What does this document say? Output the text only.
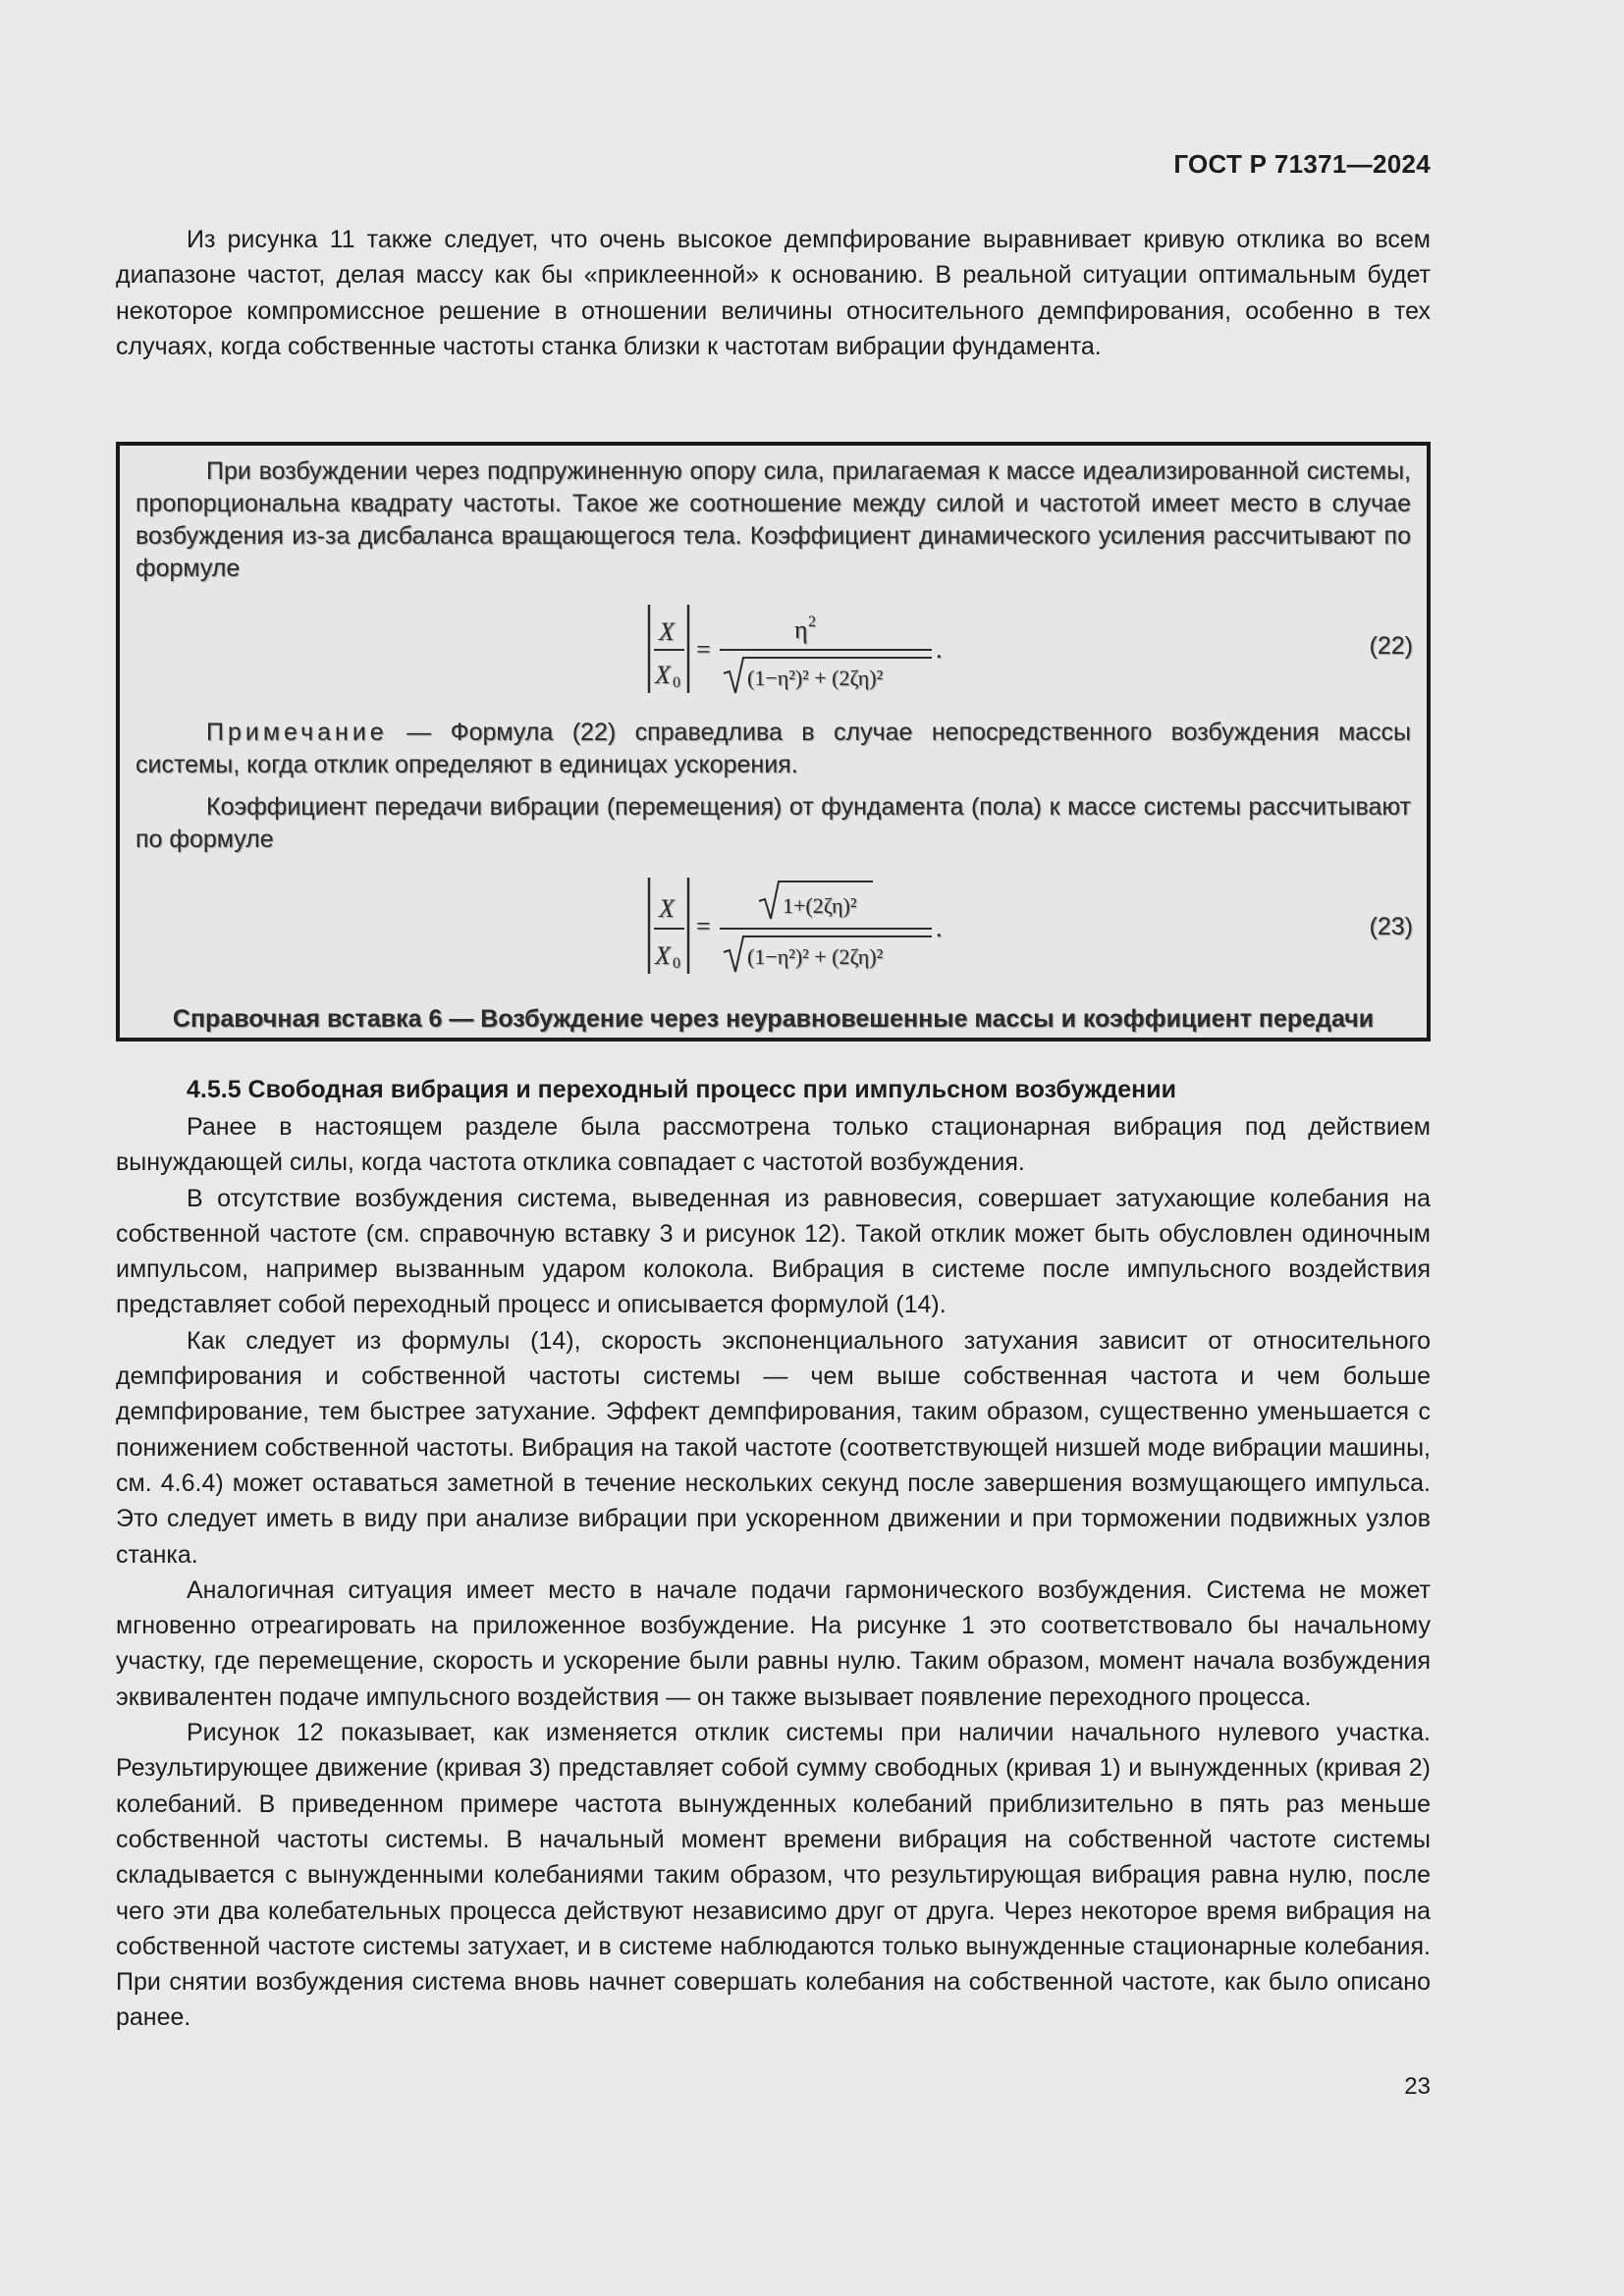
ГОСТ Р 71371—2024

Из рисунка 11 также следует, что очень высокое демпфирование выравнивает кривую отклика во всем диапазоне частот, делая массу как бы «приклеенной» к основанию. В реальной ситуации оптимальным будет некоторое компромиссное решение в отношении величины относительного демпфирования, особенно в тех случаях, когда собственные частоты станка близки к частотам вибрации фундамента.

При возбуждении через подпружиненную опору сила, прилагаемая к массе идеализированной системы, пропорциональна квадрату частоты. Такое же соотношение между силой и частотой имеет место в случае возбуждения из-за дисбаланса вращающегося тела. Коэффициент динамического усиления рассчитывают по формуле

X
X 0
=
η 2
(1−η²)² + (2ζη)²
.	(22)

Примечание — Формула (22) справедлива в случае непосредственного возбуждения массы системы, когда отклик определяют в единицах ускорения.

Коэффициент передачи вибрации (перемещения) от фундамента (пола) к массе системы рассчитывают по формуле

X
X 0
=
1+(2ζη)²
(1−η²)² + (2ζη)²
.	(23)
Справочная вставка 6 — Возбуждение через неуравновешенные массы и коэффициент передачи
4.5.5 Свободная вибрация и переходный процесс при импульсном возбуждении

Ранее в настоящем разделе была рассмотрена только стационарная вибрация под действием вынуждающей силы, когда частота отклика совпадает с частотой возбуждения.

В отсутствие возбуждения система, выведенная из равновесия, совершает затухающие колебания на собственной частоте (см. справочную вставку 3 и рисунок 12). Такой отклик может быть обусловлен одиночным импульсом, например вызванным ударом колокола. Вибрация в системе после импульсного воздействия представляет собой переходный процесс и описывается формулой (14).

Как следует из формулы (14), скорость экспоненциального затухания зависит от относительного демпфирования и собственной частоты системы — чем выше собственная частота и чем больше демпфирование, тем быстрее затухание. Эффект демпфирования, таким образом, существенно уменьшается с понижением собственной частоты. Вибрация на такой частоте (соответствующей низшей моде вибрации машины, см. 4.6.4) может оставаться заметной в течение нескольких секунд после завершения возмущающего импульса. Это следует иметь в виду при анализе вибрации при ускоренном движении и при торможении подвижных узлов станка.

Аналогичная ситуация имеет место в начале подачи гармонического возбуждения. Система не может мгновенно отреагировать на приложенное возбуждение. На рисунке 1 это соответствовало бы начальному участку, где перемещение, скорость и ускорение были равны нулю. Таким образом, момент начала возбуждения эквивалентен подаче импульсного воздействия — он также вызывает появление переходного процесса.

Рисунок 12 показывает, как изменяется отклик системы при наличии начального нулевого участка. Результирующее движение (кривая 3) представляет собой сумму свободных (кривая 1) и вынужденных (кривая 2) колебаний. В приведенном примере частота вынужденных колебаний приблизительно в пять раз меньше собственной частоты системы. В начальный момент времени вибрация на собственной частоте системы складывается с вынужденными колебаниями таким образом, что результирующая вибрация равна нулю, после чего эти два колебательных процесса действуют независимо друг от друга. Через некоторое время вибрация на собственной частоте системы затухает, и в системе наблюдаются только вынужденные стационарные колебания. При снятии возбуждения система вновь начнет совершать колебания на собственной частоте, как было описано ранее.

23
